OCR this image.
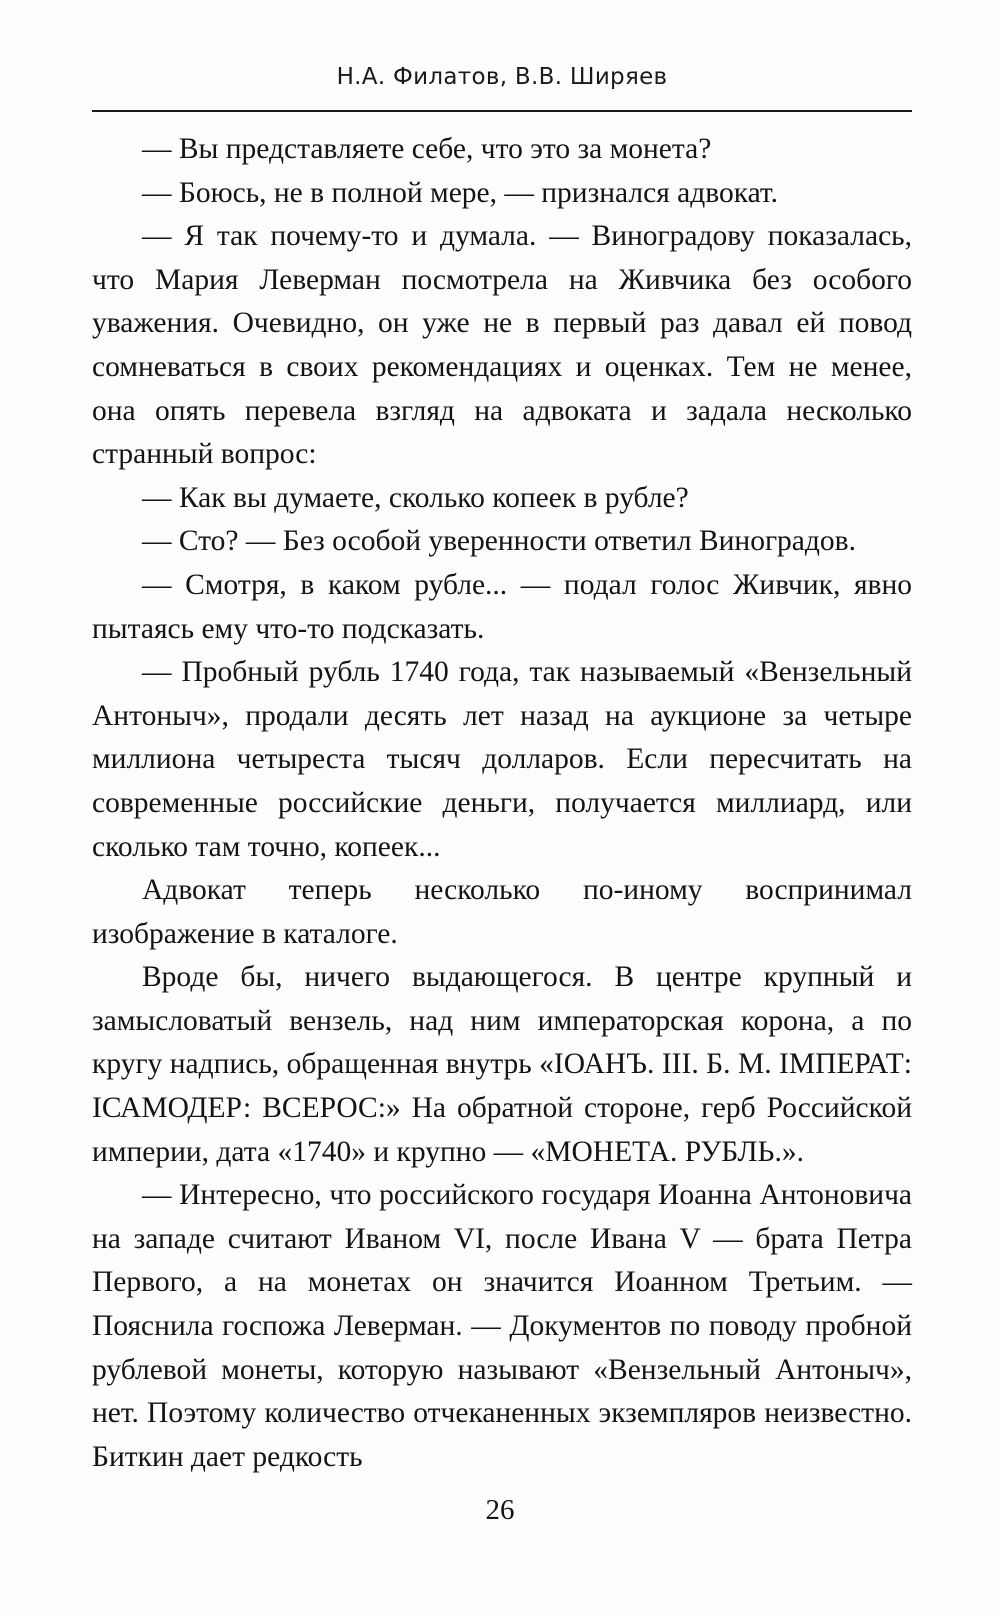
Н.А. Филатов, В.В. Ширяев

— Вы представляете себе, что это за монета?

— Боюсь, не в полной мере, — признался адвокат.

— Я так почему-то и думала. — Виноградову показалась, что Мария Леверман посмотрела на Живчика без особого уважения. Очевидно, он уже не в первый раз давал ей повод сомневаться в своих рекомендациях и оценках. Тем не менее, она опять перевела взгляд на адвоката и задала несколько странный вопрос:

— Как вы думаете, сколько копеек в рубле?

— Сто? — Без особой уверенности ответил Виноградов.

— Смотря, в каком рубле... — подал голос Живчик, явно пытаясь ему что-то подсказать.

— Пробный рубль 1740 года, так называемый «Вензельный Антоныч», продали десять лет назад на аукционе за четыре миллиона четыреста тысяч долларов. Если пересчитать на современные российские деньги, получается миллиард, или сколько там точно, копеек...

Адвокат теперь несколько по-иному воспринимал изображение в каталоге.

Вроде бы, ничего выдающегося. В центре крупный и замысловатый вензель, над ним императорская корона, а по кругу надпись, обращенная внутрь «ІОАНЪ. ІІІ. Б. М. ІМПЕРАТ: ІСАМОДЕР: ВСЕРОС:» На обратной стороне, герб Российской империи, дата «1740» и крупно — «МОНЕТА. РУБЛЬ.».

— Интересно, что российского государя Иоанна Антоновича на западе считают Иваном VI, после Ивана V — брата Петра Первого, а на монетах он значится Иоанном Третьим. — Пояснила госпожа Леверман. — Документов по поводу пробной рублевой монеты, которую называют «Вензельный Антоныч», нет. Поэтому количество отчеканенных экземпляров неизвестно. Биткин дает редкость

26
